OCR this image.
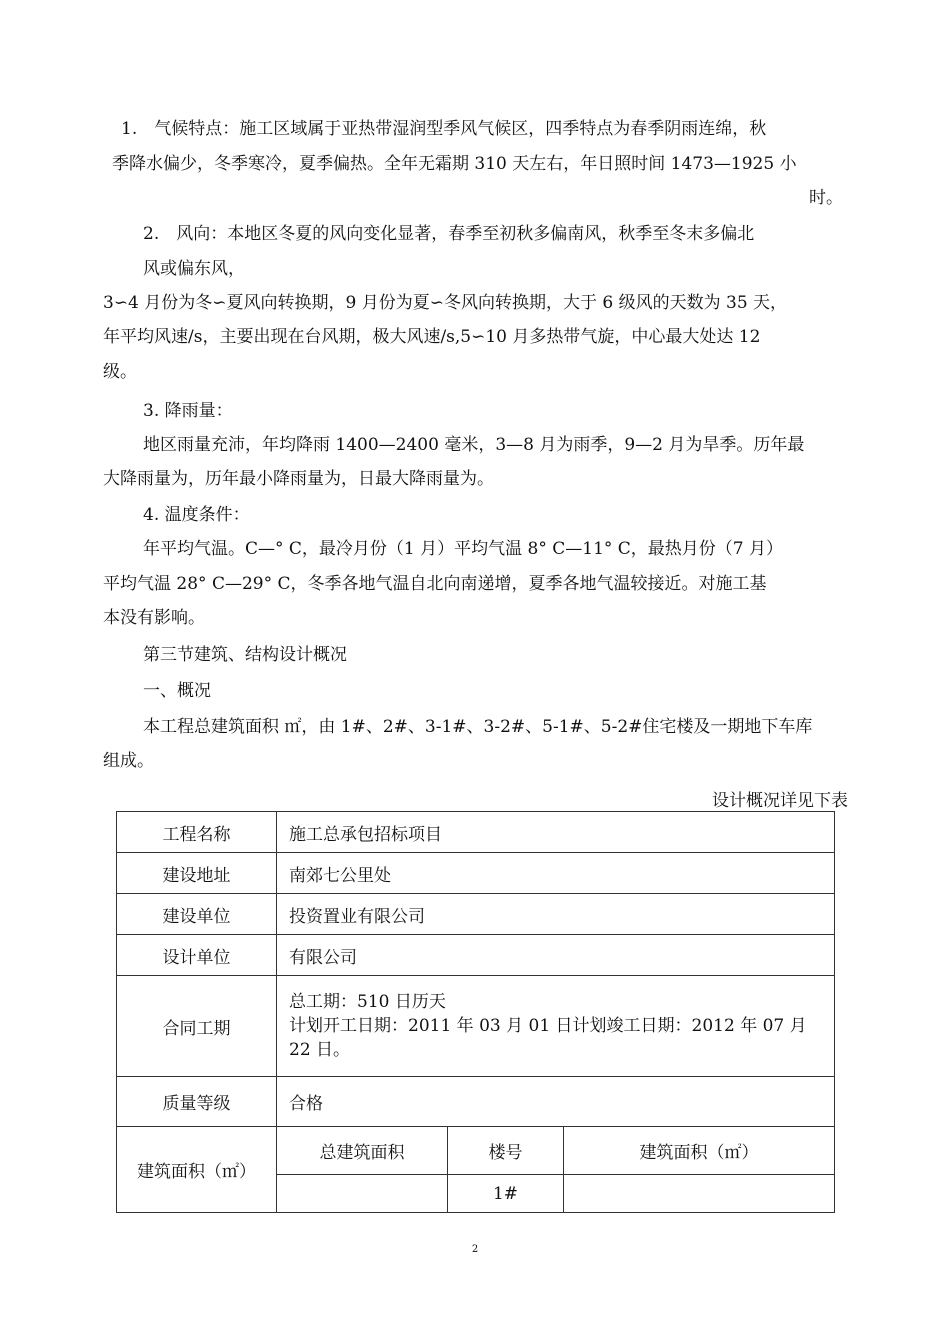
1.　气候特点：施工区域属于亚热带湿润型季风气候区，四季特点为春季阴雨连绵，秋
季降水偏少，冬季寒冷，夏季偏热。全年无霜期 310 天左右，年日照时间 1473—1925 小
时。
2.　风向：本地区冬夏的风向变化显著，春季至初秋多偏南风，秋季至冬末多偏北
风或偏东风，
3∽4 月份为冬∽夏风向转换期，9 月份为夏∽冬风向转换期，大于 6 级风的天数为 35 天，
年平均风速/s，主要出现在台风期，极大风速/s,5∽10 月多热带气旋，中心最大处达 12
级。
3. 降雨量：
地区雨量充沛，年均降雨 1400—2400 毫米，3—8 月为雨季，9—2 月为旱季。历年最
大降雨量为，历年最小降雨量为，日最大降雨量为。
4. 温度条件：
年平均气温。C—° C，最冷月份（1 月）平均气温 8° C—11° C，最热月份（7 月）
平均气温 28° C—29° C，冬季各地气温自北向南递增，夏季各地气温较接近。对施工基
本没有影响。
第三节建筑、结构设计概况
一、概况
本工程总建筑面积 ㎡，由 1#、2#、3-1#、3-2#、5-1#、5-2#住宅楼及一期地下车库
组成。
设计概况详见下表
工程名称	施工总承包招标项目		
建设地址	南郊七公里处		
建设单位	投资置业有限公司		
设计单位	有限公司		
合同工期	总工期：510 日历天
计划开工日期：2011 年 03 月 01 日计划竣工日期：2012 年 07 月
22 日。		

质量等级	合格		
建筑面积（㎡）	总建筑面积	楼号	建筑面积（㎡）
		1#	
2
